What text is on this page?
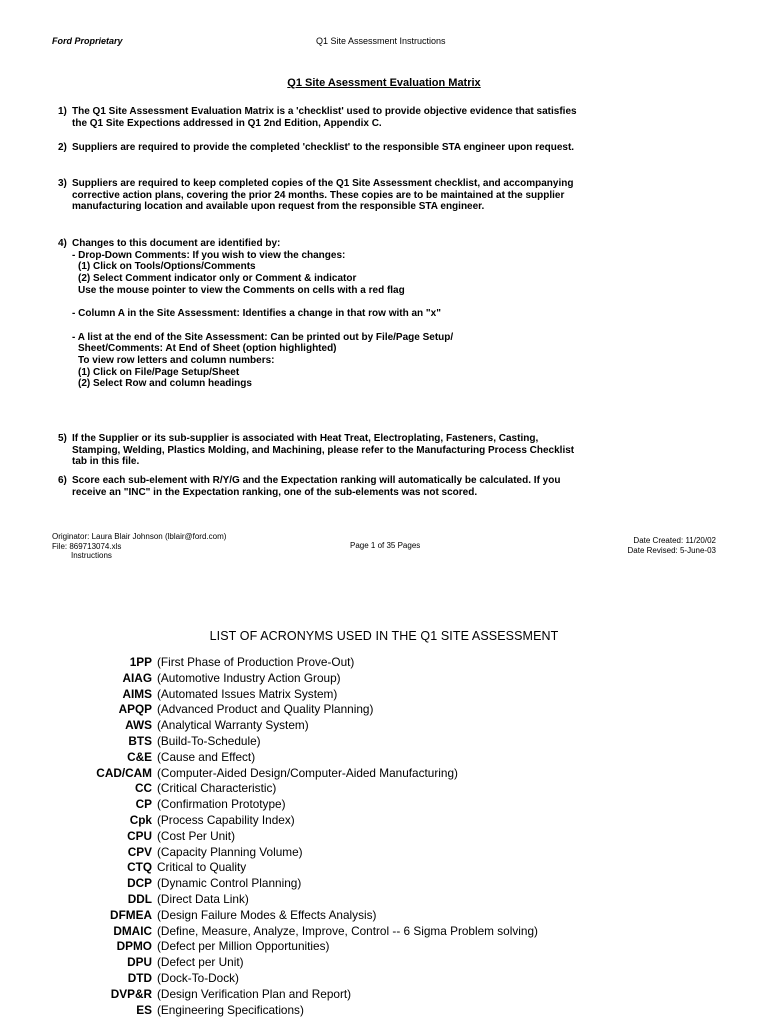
Ford Proprietary	Q1 Site Assessment Instructions
Q1 Site Asessment Evaluation Matrix
1) The Q1 Site Assessment Evaluation Matrix is a 'checklist' used to provide objective evidence that satisfies
the Q1 Site Expections addressed in Q1 2nd Edition, Appendix C.
2) Suppliers are required to provide the completed 'checklist' to the responsible STA engineer upon request.
3) Suppliers are required to keep completed copies of the Q1 Site Assessment checklist, and accompanying
corrective action plans, covering the prior 24 months. These copies are to be maintained at the supplier
manufacturing location and available upon request from the responsible STA engineer.
4) Changes to this document are identified by:
- Drop-Down Comments: If you wish to view the changes:
(1) Click on Tools/Options/Comments
(2) Select Comment indicator only or Comment & indicator
Use the mouse pointer to view the Comments on cells with a red flag
- Column A in the Site Assessment: Identifies a change in that row with an "x"
- A list at the end of the Site Assessment: Can be printed out by File/Page Setup/
Sheet/Comments: At End of Sheet (option highlighted)
To view row letters and column numbers:
(1) Click on File/Page Setup/Sheet
(2) Select Row and column headings
5) If the Supplier or its sub-supplier is associated with Heat Treat, Electroplating, Fasteners, Casting,
Stamping, Welding, Plastics Molding, and Machining, please refer to the Manufacturing Process Checklist
tab in this file.
6) Score each sub-element with R/Y/G and the Expectation ranking will automatically be calculated. If you
receive an "INC" in the Expectation ranking, one of the sub-elements was not scored.
Originator: Laura Blair Johnson (lblair@ford.com)
File: 869713074.xls
Instructions
Page 1 of 35 Pages
Date Created: 11/20/02
Date Revised: 5-June-03
LIST OF ACRONYMS USED IN THE Q1 SITE ASSESSMENT
1PP (First Phase of Production Prove-Out)
AIAG (Automotive Industry Action Group)
AIMS (Automated Issues Matrix System)
APQP (Advanced Product and Quality Planning)
AWS (Analytical Warranty System)
BTS (Build-To-Schedule)
C&E (Cause and Effect)
CAD/CAM (Computer-Aided Design/Computer-Aided Manufacturing)
CC (Critical Characteristic)
CP (Confirmation Prototype)
Cpk (Process Capability Index)
CPU (Cost Per Unit)
CPV (Capacity Planning Volume)
CTQ Critical to Quality
DCP (Dynamic Control Planning)
DDL (Direct Data Link)
DFMEA (Design Failure Modes & Effects Analysis)
DMAIC (Define, Measure, Analyze, Improve, Control -- 6 Sigma Problem solving)
DPMO (Defect per Million Opportunities)
DPU (Defect per Unit)
DTD (Dock-To-Dock)
DVP&R (Design Verification Plan and Report)
ES (Engineering Specifications)
